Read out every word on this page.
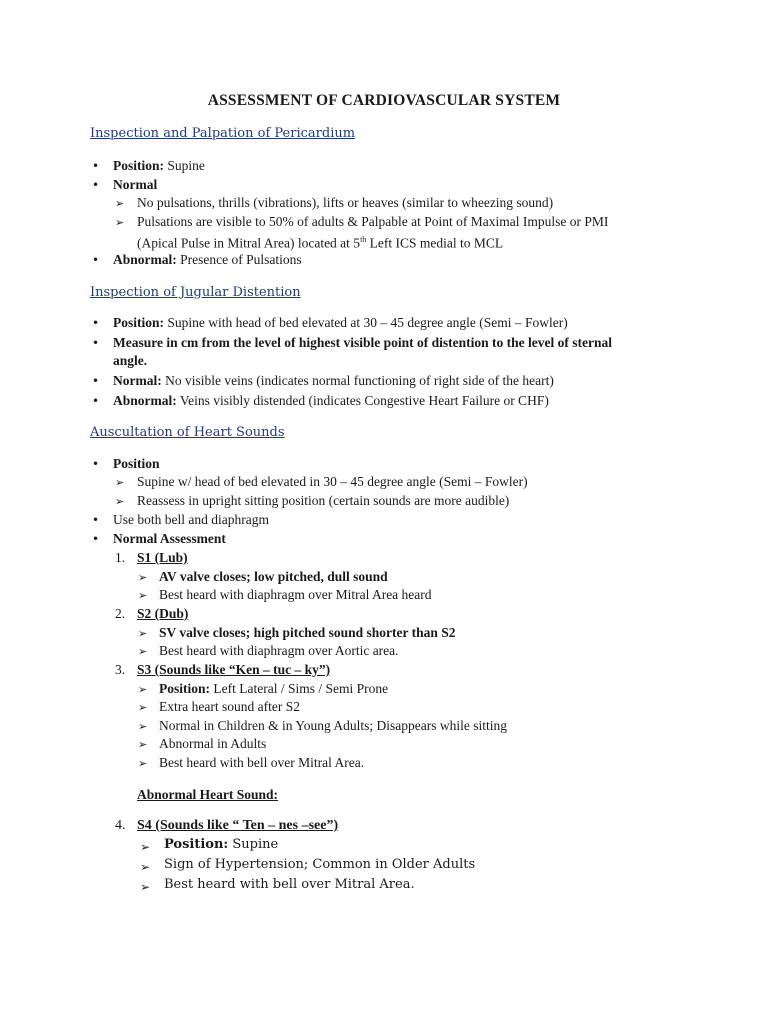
ASSESSMENT OF CARDIOVASCULAR SYSTEM
Inspection and Palpation of Pericardium
• Position: Supine
• Normal
➢ No pulsations, thrills (vibrations), lifts or heaves (similar to wheezing sound)
➢ Pulsations are visible to 50% of adults & Palpable at Point of Maximal Impulse or PMI
(Apical Pulse in Mitral Area) located at 5th Left ICS medial to MCL
• Abnormal: Presence of Pulsations
Inspection of Jugular Distention
• Position: Supine with head of bed elevated at 30 – 45 degree angle (Semi – Fowler)
• Measure in cm from the level of highest visible point of distention to the level of sternal
angle.
• Normal: No visible veins (indicates normal functioning of right side of the heart)
• Abnormal: Veins visibly distended (indicates Congestive Heart Failure or CHF)
Auscultation of Heart Sounds
• Position
➢ Supine w/ head of bed elevated in 30 – 45 degree angle (Semi – Fowler)
➢ Reassess in upright sitting position (certain sounds are more audible)
• Use both bell and diaphragm
• Normal Assessment
1. S1 (Lub)
➢ AV valve closes; low pitched, dull sound
➢ Best heard with diaphragm over Mitral Area heard
2. S2 (Dub)
➢ SV valve closes; high pitched sound shorter than S2
➢ Best heard with diaphragm over Aortic area.
3. S3 (Sounds like “Ken – tuc – ky”)
➢ Position: Left Lateral / Sims / Semi Prone
➢ Extra heart sound after S2
➢ Normal in Children & in Young Adults; Disappears while sitting
➢ Abnormal in Adults
➢ Best heard with bell over Mitral Area.
Abnormal Heart Sound:
4. S4 (Sounds like “ Ten – nes –see”)
➢ Position: Supine
➢ Sign of Hypertension; Common in Older Adults
➢ Best heard with bell over Mitral Area.
